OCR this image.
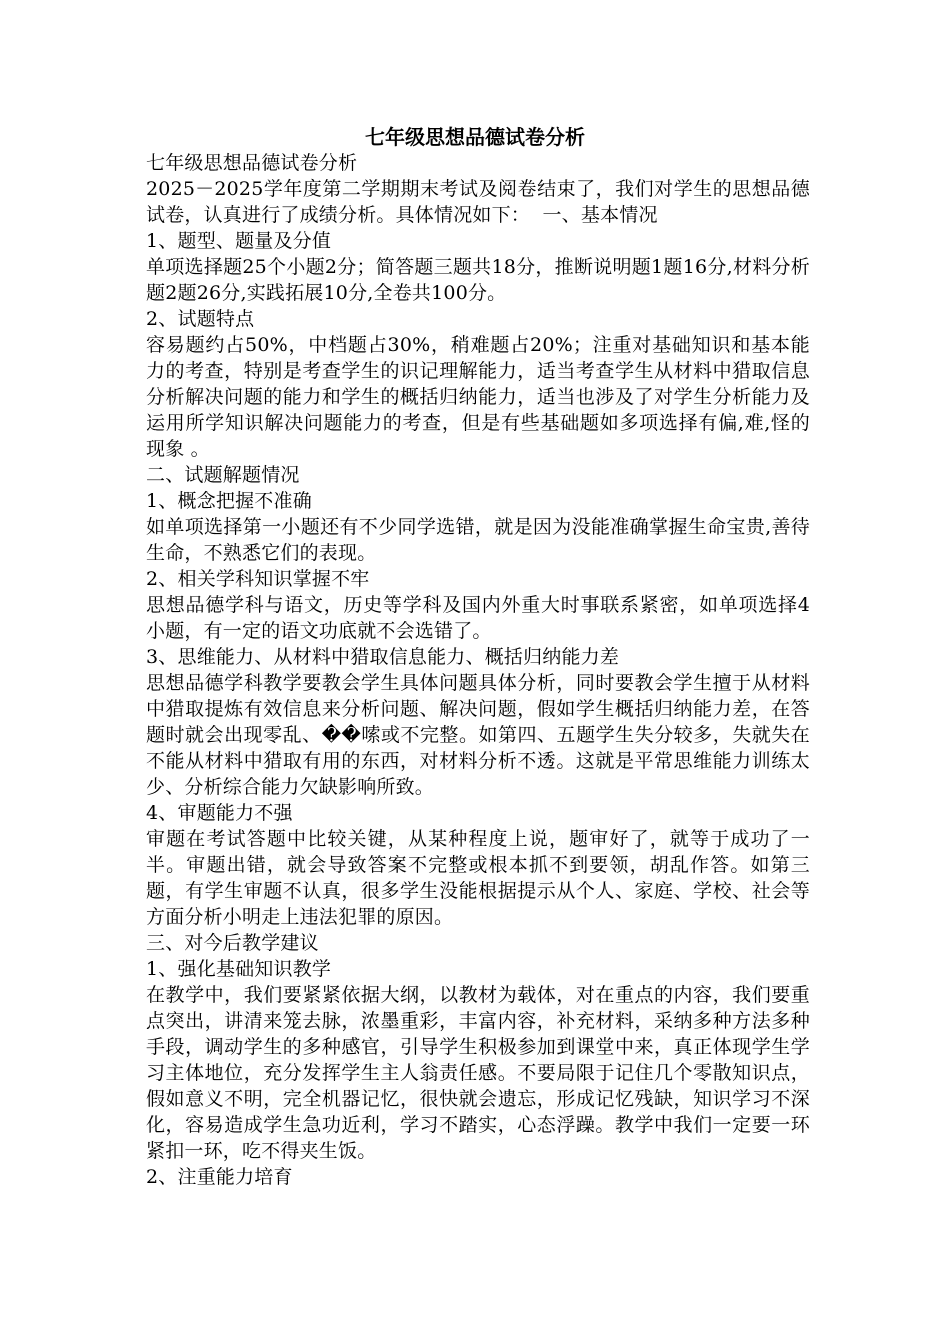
七年级思想品德试卷分析

七年级思想品德试卷分析

2025－2025学年度第二学期期末考试及阅卷结束了，我们对学生的思想品德试卷，认真进行了成绩分析。具体情况如下：  一、基本情况

1、题型、题量及分值

单项选择题25个小题2分；简答题三题共18分，推断说明题1题16分,材料分析题2题26分,实践拓展10分,全卷共100分。

2、试题特点

容易题约占50%，中档题占30%，稍难题占20%；注重对基础知识和基本能力的考查，特别是考查学生的识记理解能力，适当考查学生从材料中猎取信息分析解决问题的能力和学生的概括归纳能力，适当也涉及了对学生分析能力及运用所学知识解决问题能力的考查，但是有些基础题如多项选择有偏,难,怪的现象 。

二、试题解题情况

1、概念把握不准确

如单项选择第一小题还有不少同学选错，就是因为没能准确掌握生命宝贵,善待生命，不熟悉它们的表现。

2、相关学科知识掌握不牢

思想品德学科与语文，历史等学科及国内外重大时事联系紧密，如单项选择4小题，有一定的语文功底就不会选错了。

3、思维能力、从材料中猎取信息能力、概括归纳能力差

思想品德学科教学要教会学生具体问题具体分析，同时要教会学生擅于从材料中猎取提炼有效信息来分析问题、解决问题，假如学生概括归纳能力差，在答题时就会出现零乱、��嗦或不完整。如第四、五题学生失分较多，失就失在不能从材料中猎取有用的东西，对材料分析不透。这就是平常思维能力训练太少、分析综合能力欠缺影响所致。

4、审题能力不强

审题在考试答题中比较关键，从某种程度上说，题审好了，就等于成功了一半。审题出错，就会导致答案不完整或根本抓不到要领，胡乱作答。如第三题，有学生审题不认真，很多学生没能根据提示从个人、家庭、学校、社会等方面分析小明走上违法犯罪的原因。

三、对今后教学建议

1、强化基础知识教学

在教学中，我们要紧紧依据大纲，以教材为载体，对在重点的内容，我们要重点突出，讲清来笼去脉，浓墨重彩，丰富内容，补充材料，采纳多种方法多种手段，调动学生的多种感官，引导学生积极参加到课堂中来，真正体现学生学习主体地位，充分发挥学生主人翁责任感。不要局限于记住几个零散知识点，假如意义不明，完全机器记忆，很快就会遗忘，形成记忆残缺，知识学习不深化，容易造成学生急功近利，学习不踏实，心态浮躁。教学中我们一定要一环紧扣一环，吃不得夹生饭。

2、注重能力培育
